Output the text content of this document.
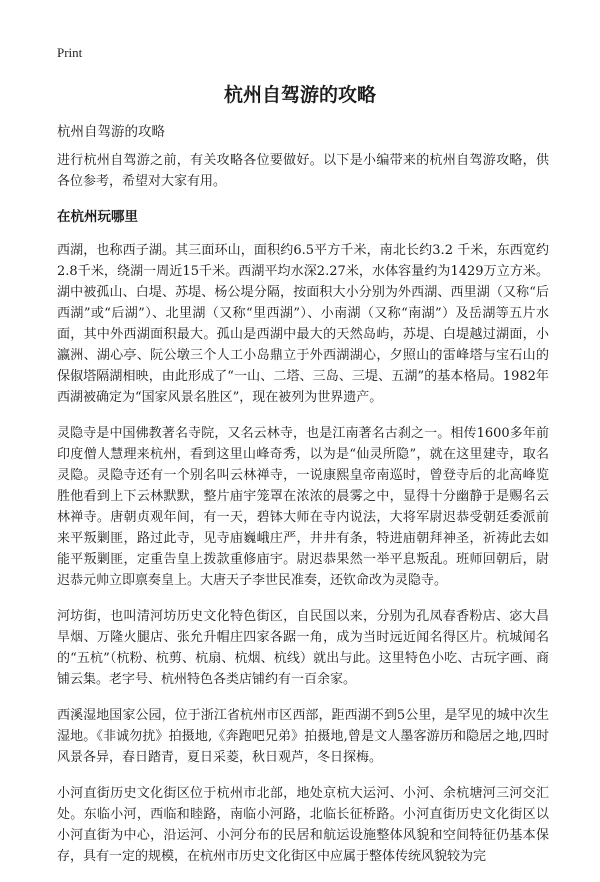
Print
杭州自驾游的攻略

杭州自驾游的攻略

进行杭州自驾游之前，有关攻略各位要做好。以下是小编带来的杭州自驾游攻略，供各位参考，希望对大家有用。

在杭州玩哪里

西湖，也称西子湖。其三面环山，面积约6.5平方千米，南北长约3.2 千米，东西宽约2.8千米，绕湖一周近15千米。西湖平均水深2.27米，水体容量约为1429万立方米。湖中被孤山、白堤、苏堤、杨公堤分隔，按面积大小分别为外西湖、西里湖（又称“后西湖”或“后湖”）、北里湖（又称“里西湖”）、小南湖（又称“南湖”）及岳湖等五片水面，其中外西湖面积最大。孤山是西湖中最大的天然岛屿，苏堤、白堤越过湖面，小瀛洲、湖心亭、阮公墩三个人工小岛鼎立于外西湖湖心，夕照山的雷峰塔与宝石山的保俶塔隔湖相映，由此形成了“一山、二塔、三岛、三堤、五湖”的基本格局。1982年西湖被确定为“国家风景名胜区”，现在被列为世界遗产。

灵隐寺是中国佛教著名寺院，又名云林寺，也是江南著名古刹之一。相传1600多年前印度僧人慧理来杭州，看到这里山峰奇秀，以为是“仙灵所隐”，就在这里建寺，取名灵隐。灵隐寺还有一个别名叫云林禅寺，一说康熙皇帝南巡时，曾登寺后的北高峰览胜他看到上下云林默默，整片庙宇笼罩在浓浓的晨雾之中，显得十分幽静于是赐名云林禅寺。唐朝贞观年间，有一天，碧钵大师在寺内说法，大将军尉迟恭受朝廷委派前来平叛剿匪，路过此寺，见寺庙巍峨庄严，井井有条，特进庙朝拜神圣，祈祷此去如能平叛剿匪，定重告皇上拨款重修庙宇。尉迟恭果然一举平息叛乱。班师回朝后，尉迟恭元帅立即禀奏皇上。大唐天子李世民准奏，还钦命改为灵隐寺。

河坊街，也叫清河坊历史文化特色街区，自民国以来，分别为孔凤春香粉店、宓大昌旱烟、万隆火腿店、张允升帽庄四家各踞一角，成为当时远近闻名得区片。杭城闻名的“五杭”（杭粉、杭剪、杭扇、杭烟、杭线）就出与此。这里特色小吃、古玩字画、商铺云集。老字号、杭州特色各类店铺约有一百余家。

西溪湿地国家公园，位于浙江省杭州市区西部，距西湖不到5公里，是罕见的城中次生湿地。《非诚勿扰》拍摄地,《奔跑吧兄弟》拍摄地,曾是文人墨客游历和隐居之地,四时风景各异，春日踏青，夏日采菱，秋日观芦，冬日探梅。

小河直街历史文化街区位于杭州市北部，地处京杭大运河、小河、余杭塘河三河交汇处。东临小河，西临和睦路，南临小河路，北临长征桥路。小河直街历史文化街区以小河直街为中心，沿运河、小河分布的民居和航运设施整体风貌和空间特征仍基本保存，具有一定的规模，在杭州市历史文化街区中应属于整体传统风貌较为完
